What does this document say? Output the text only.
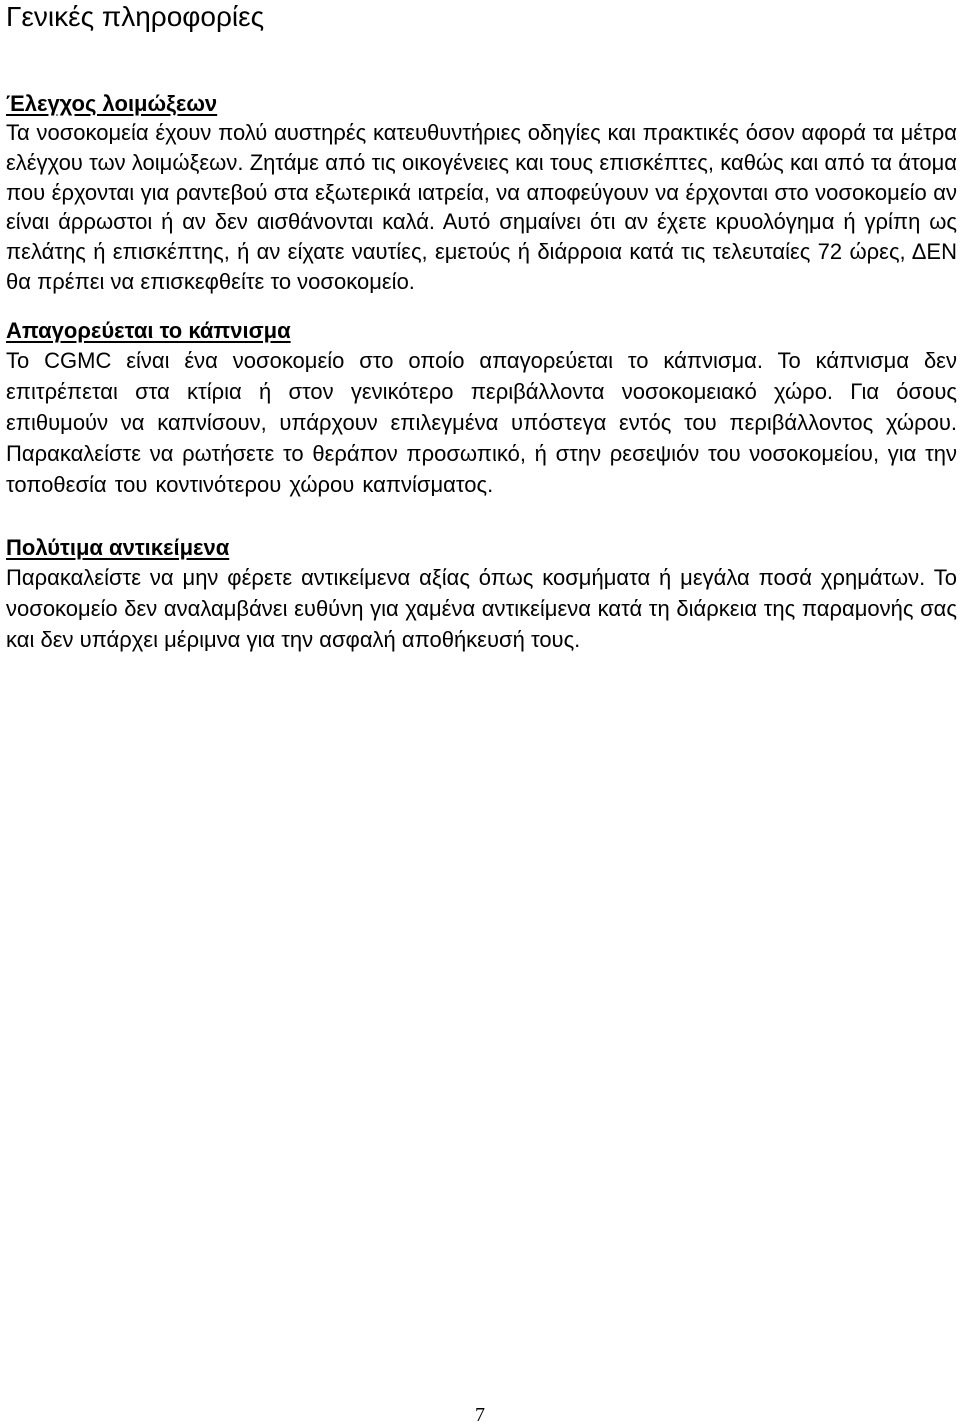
Γενικές πληροφορίες
Έλεγχος λοιμώξεων

Τα νοσοκομεία έχουν πολύ αυστηρές κατευθυντήριες οδηγίες και πρακτικές όσον αφορά τα μέτρα ελέγχου των λοιμώξεων. Ζητάμε από τις οικογένειες και τους επισκέπτες, καθώς και από τα άτομα που έρχονται για ραντεβού στα εξωτερικά ιατρεία, να αποφεύγουν να έρχονται στο νοσοκομείο αν είναι άρρωστοι ή αν δεν αισθάνονται καλά. Αυτό σημαίνει ότι αν έχετε κρυολόγημα ή γρίπη ως πελάτης ή επισκέπτης, ή αν είχατε ναυτίες, εμετούς ή διάρροια κατά τις τελευταίες 72 ώρες, ΔΕΝ θα πρέπει να επισκεφθείτε το νοσοκομείο.

Απαγορεύεται το κάπνισμα

Το CGMC είναι ένα νοσοκομείο στο οποίο απαγορεύεται το κάπνισμα. Το κάπνισμα δεν επιτρέπεται στα κτίρια ή στον γενικότερο περιβάλλοντα νοσοκομειακό χώρο. Για όσους επιθυμούν να καπνίσουν, υπάρχουν επιλεγμένα υπόστεγα εντός του περιβάλλοντος χώρου. Παρακαλείστε να ρωτήσετε το θεράπον προσωπικό, ή στην ρεσεψιόν του νοσοκομείου, για την τοποθεσία του κοντινότερου χώρου καπνίσματος.

Πολύτιμα αντικείμενα

Παρακαλείστε να μην φέρετε αντικείμενα αξίας όπως κοσμήματα ή μεγάλα ποσά χρημάτων. Το νοσοκομείο δεν αναλαμβάνει ευθύνη για χαμένα αντικείμενα κατά τη διάρκεια της παραμονής σας και δεν υπάρχει μέριμνα για την ασφαλή αποθήκευσή τους.

7
